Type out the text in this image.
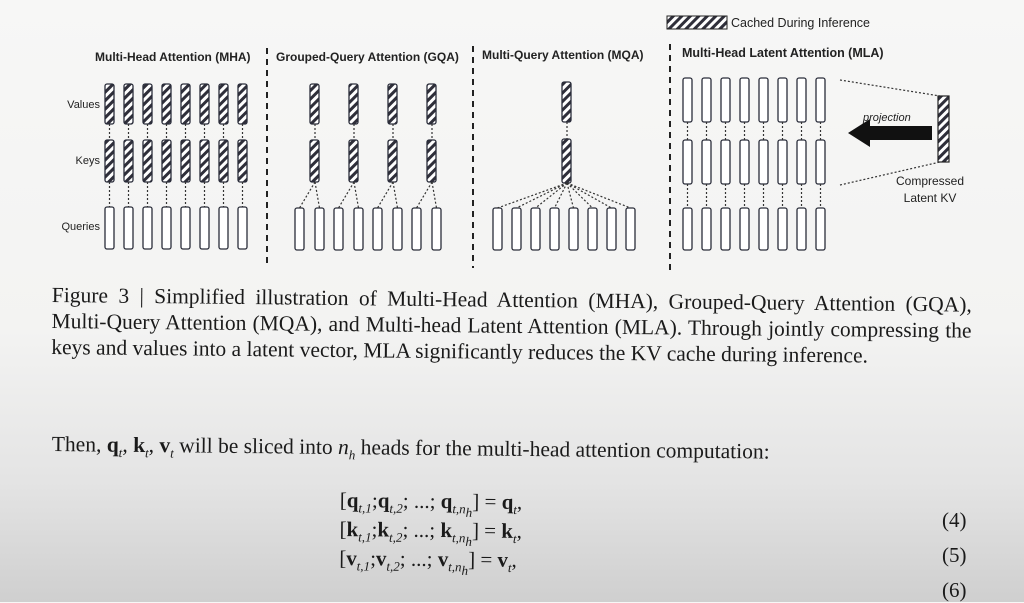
Cached During Inference
Multi-Head Attention (MHA) Grouped-Query Attention (GQA) Multi-Query Attention (MQA)	Multi-Head Latent Attention (MLA)
Values
Keys
Queries
projection
Compressed
Latent KV
Figure 3 | Simplified illustration of Multi-Head Attention (MHA), Grouped-Query Attention (GQA), Multi-Query Attention (MQA), and Multi-head Latent Attention (MLA). Through jointly compressing the keys and values into a latent vector, MLA significantly reduces the KV cache during inference.
Then, $q_t$, $k_t$, $v_t$ will be sliced into $n_h$ heads for the multi-head attention computation:
[$q_{t,1};q_{t,2}$; ...; $q_{t,n_h}] = q_t$,
[$k_{t,1};k_{t,2}$; ...; $k_{t,n_h}] = k_t$,
[$v_{t,1};v_{t,2}$; ...; $v_{t,n_h}] = v_t$,
(4)
(5)
(6)
